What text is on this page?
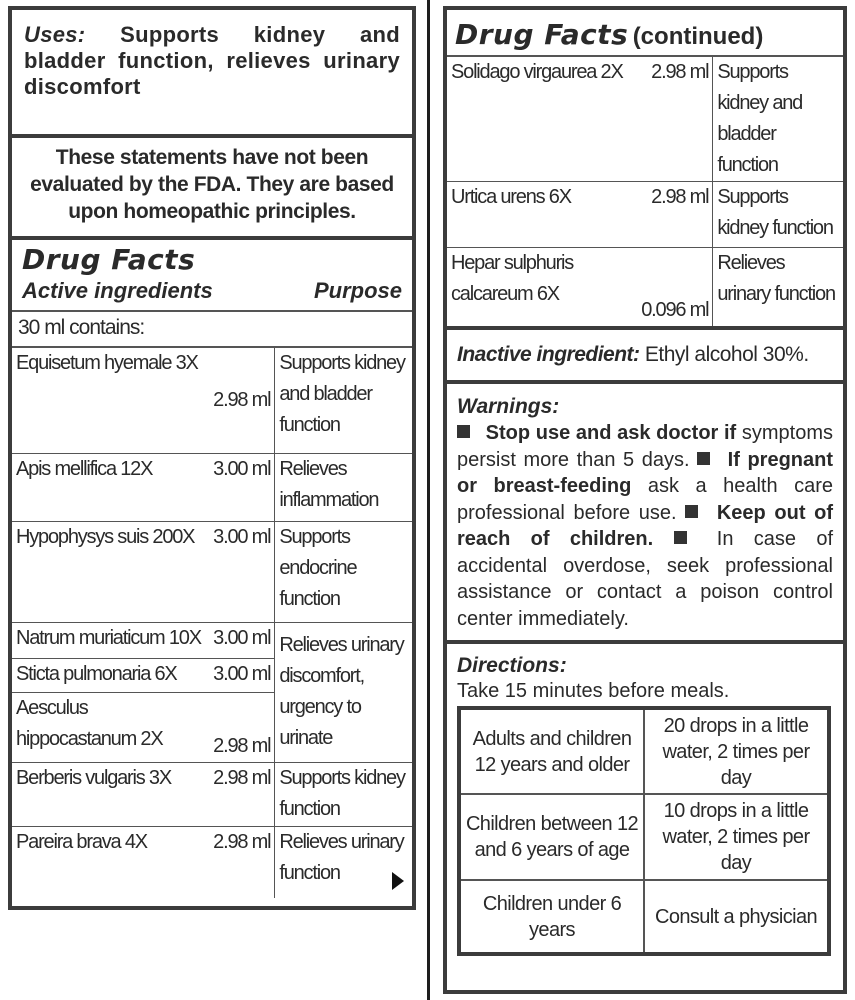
Uses: Supports kidney and bladder function, relieves urinary discomfort
These statements have not been evaluated by the FDA. They are based upon homeopathic principles.
Drug Facts
Active ingredients	Purpose
30 ml contains:
Equisetum hyemale 3X	2.98 ml	Supports kidney and bladder function
Apis mellifica 12X	3.00 ml	Relieves inflammation
Hypophysys suis 200X	3.00 ml	Supports endocrine function
Natrum muriaticum 10X	3.00 ml	Relieves urinary discomfort, urgency to urinate
Sticta pulmonaria 6X	3.00 ml	
Aesculus hippocastanum 2X	2.98 ml	
Berberis vulgaris 3X	2.98 ml	Supports kidney function
Pareira brava 4X	2.98 ml	Relieves urinary function
Drug Facts (continued)
Solidago virgaurea 2X	2.98 ml	Supports kidney and bladder function
Urtica urens 6X	2.98 ml	Supports kidney function
Hepar sulphuris calcareum 6X	0.096 ml	Relieves urinary function
Inactive ingredient: Ethyl alcohol 30%.
Warnings:
Stop use and ask doctor if symptoms persist more than 5 days. If pregnant or breast-feeding ask a health care professional before use. Keep out of reach of children.	In case of accidental overdose, seek professional assistance or contact a poison control center immediately.
Directions:
Take 15 minutes before meals.
Adults and children 12 years and older	20 drops in a little water, 2 times per day
Children between 12 and 6 years of age	10 drops in a little water, 2 times per day
Children under 6 years	Consult a physician
